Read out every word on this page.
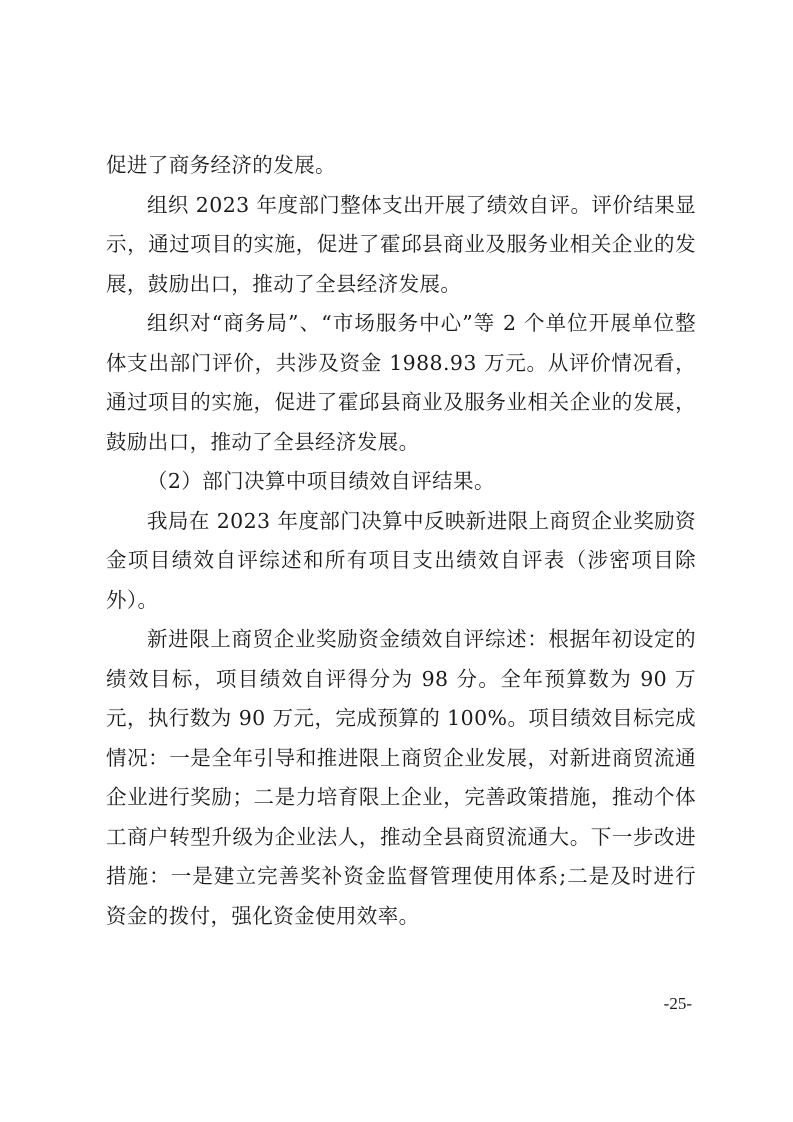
促进了商务经济的发展。

组织 2023 年度部门整体支出开展了绩效自评。评价结果显示，通过项目的实施，促进了霍邱县商业及服务业相关企业的发展，鼓励出口，推动了全县经济发展。

组织对“商务局”、“市场服务中心”等 2 个单位开展单位整体支出部门评价，共涉及资金 1988.93 万元。从评价情况看，通过项目的实施，促进了霍邱县商业及服务业相关企业的发展，鼓励出口，推动了全县经济发展。

（2）部门决算中项目绩效自评结果。

我局在 2023 年度部门决算中反映新进限上商贸企业奖励资金项目绩效自评综述和所有项目支出绩效自评表（涉密项目除外）。

新进限上商贸企业奖励资金绩效自评综述：根据年初设定的绩效目标，项目绩效自评得分为 98 分。全年预算数为 90 万元，执行数为 90 万元，完成预算的 100%。项目绩效目标完成情况：一是全年引导和推进限上商贸企业发展，对新进商贸流通企业进行奖励；二是力培育限上企业，完善政策措施，推动个体工商户转型升级为企业法人，推动全县商贸流通大。下一步改进措施：一是建立完善奖补资金监督管理使用体系;二是及时进行资金的拨付，强化资金使用效率。

-25-
